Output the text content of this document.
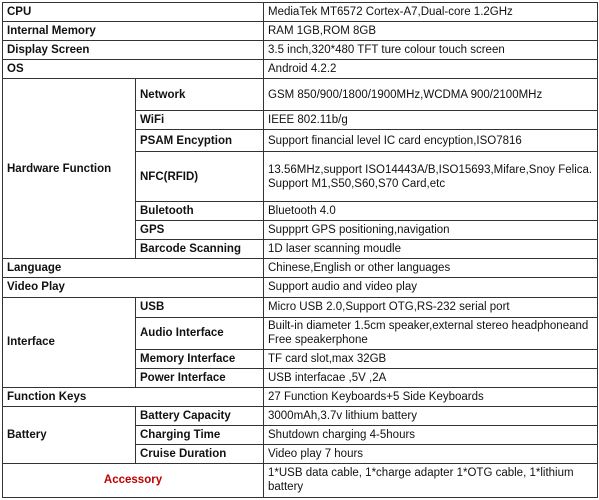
CPU		MediaTek MT6572 Cortex-A7,Dual-core 1.2GHz
Internal Memory		RAM 1GB,ROM 8GB
Display Screen		3.5 inch,320*480 TFT ture colour touch screen
OS		Android 4.2.2
Hardware Function	Network	GSM 850/900/1800/1900MHz,WCDMA 900/2100MHz
	WiFi	IEEE 802.11b/g
	PSAM Encyption	Support financial level IC card encyption,ISO7816
	NFC(RFID)	13.56MHz,support ISO14443A/B,ISO15693,Mifare,Snoy Felica. Support M1,S50,S60,S70 Card,etc
	Buletooth	Bluetooth 4.0
	GPS	Suppprt GPS positioning,navigation
	Barcode Scanning	1D laser scanning moudle
Language		Chinese,English or other languages
Video Play		Support audio and video play
Interface	USB	Micro USB 2.0,Support OTG,RS-232 serial port
	Audio Interface	Built-in diameter 1.5cm speaker,external stereo headphoneand Free speakerphone
	Memory Interface	TF card slot,max 32GB
	Power Interface	USB interfacae ,5V ,2A
Function Keys		27 Function Keyboards+5 Side Keyboards
Battery	Battery Capacity	3000mAh,3.7v lithium battery
	Charging Time	Shutdown charging 4-5hours
	Cruise Duration	Video play 7 hours
Accessory		1*USB data cable, 1*charge adapter 1*OTG cable, 1*lithium battery
